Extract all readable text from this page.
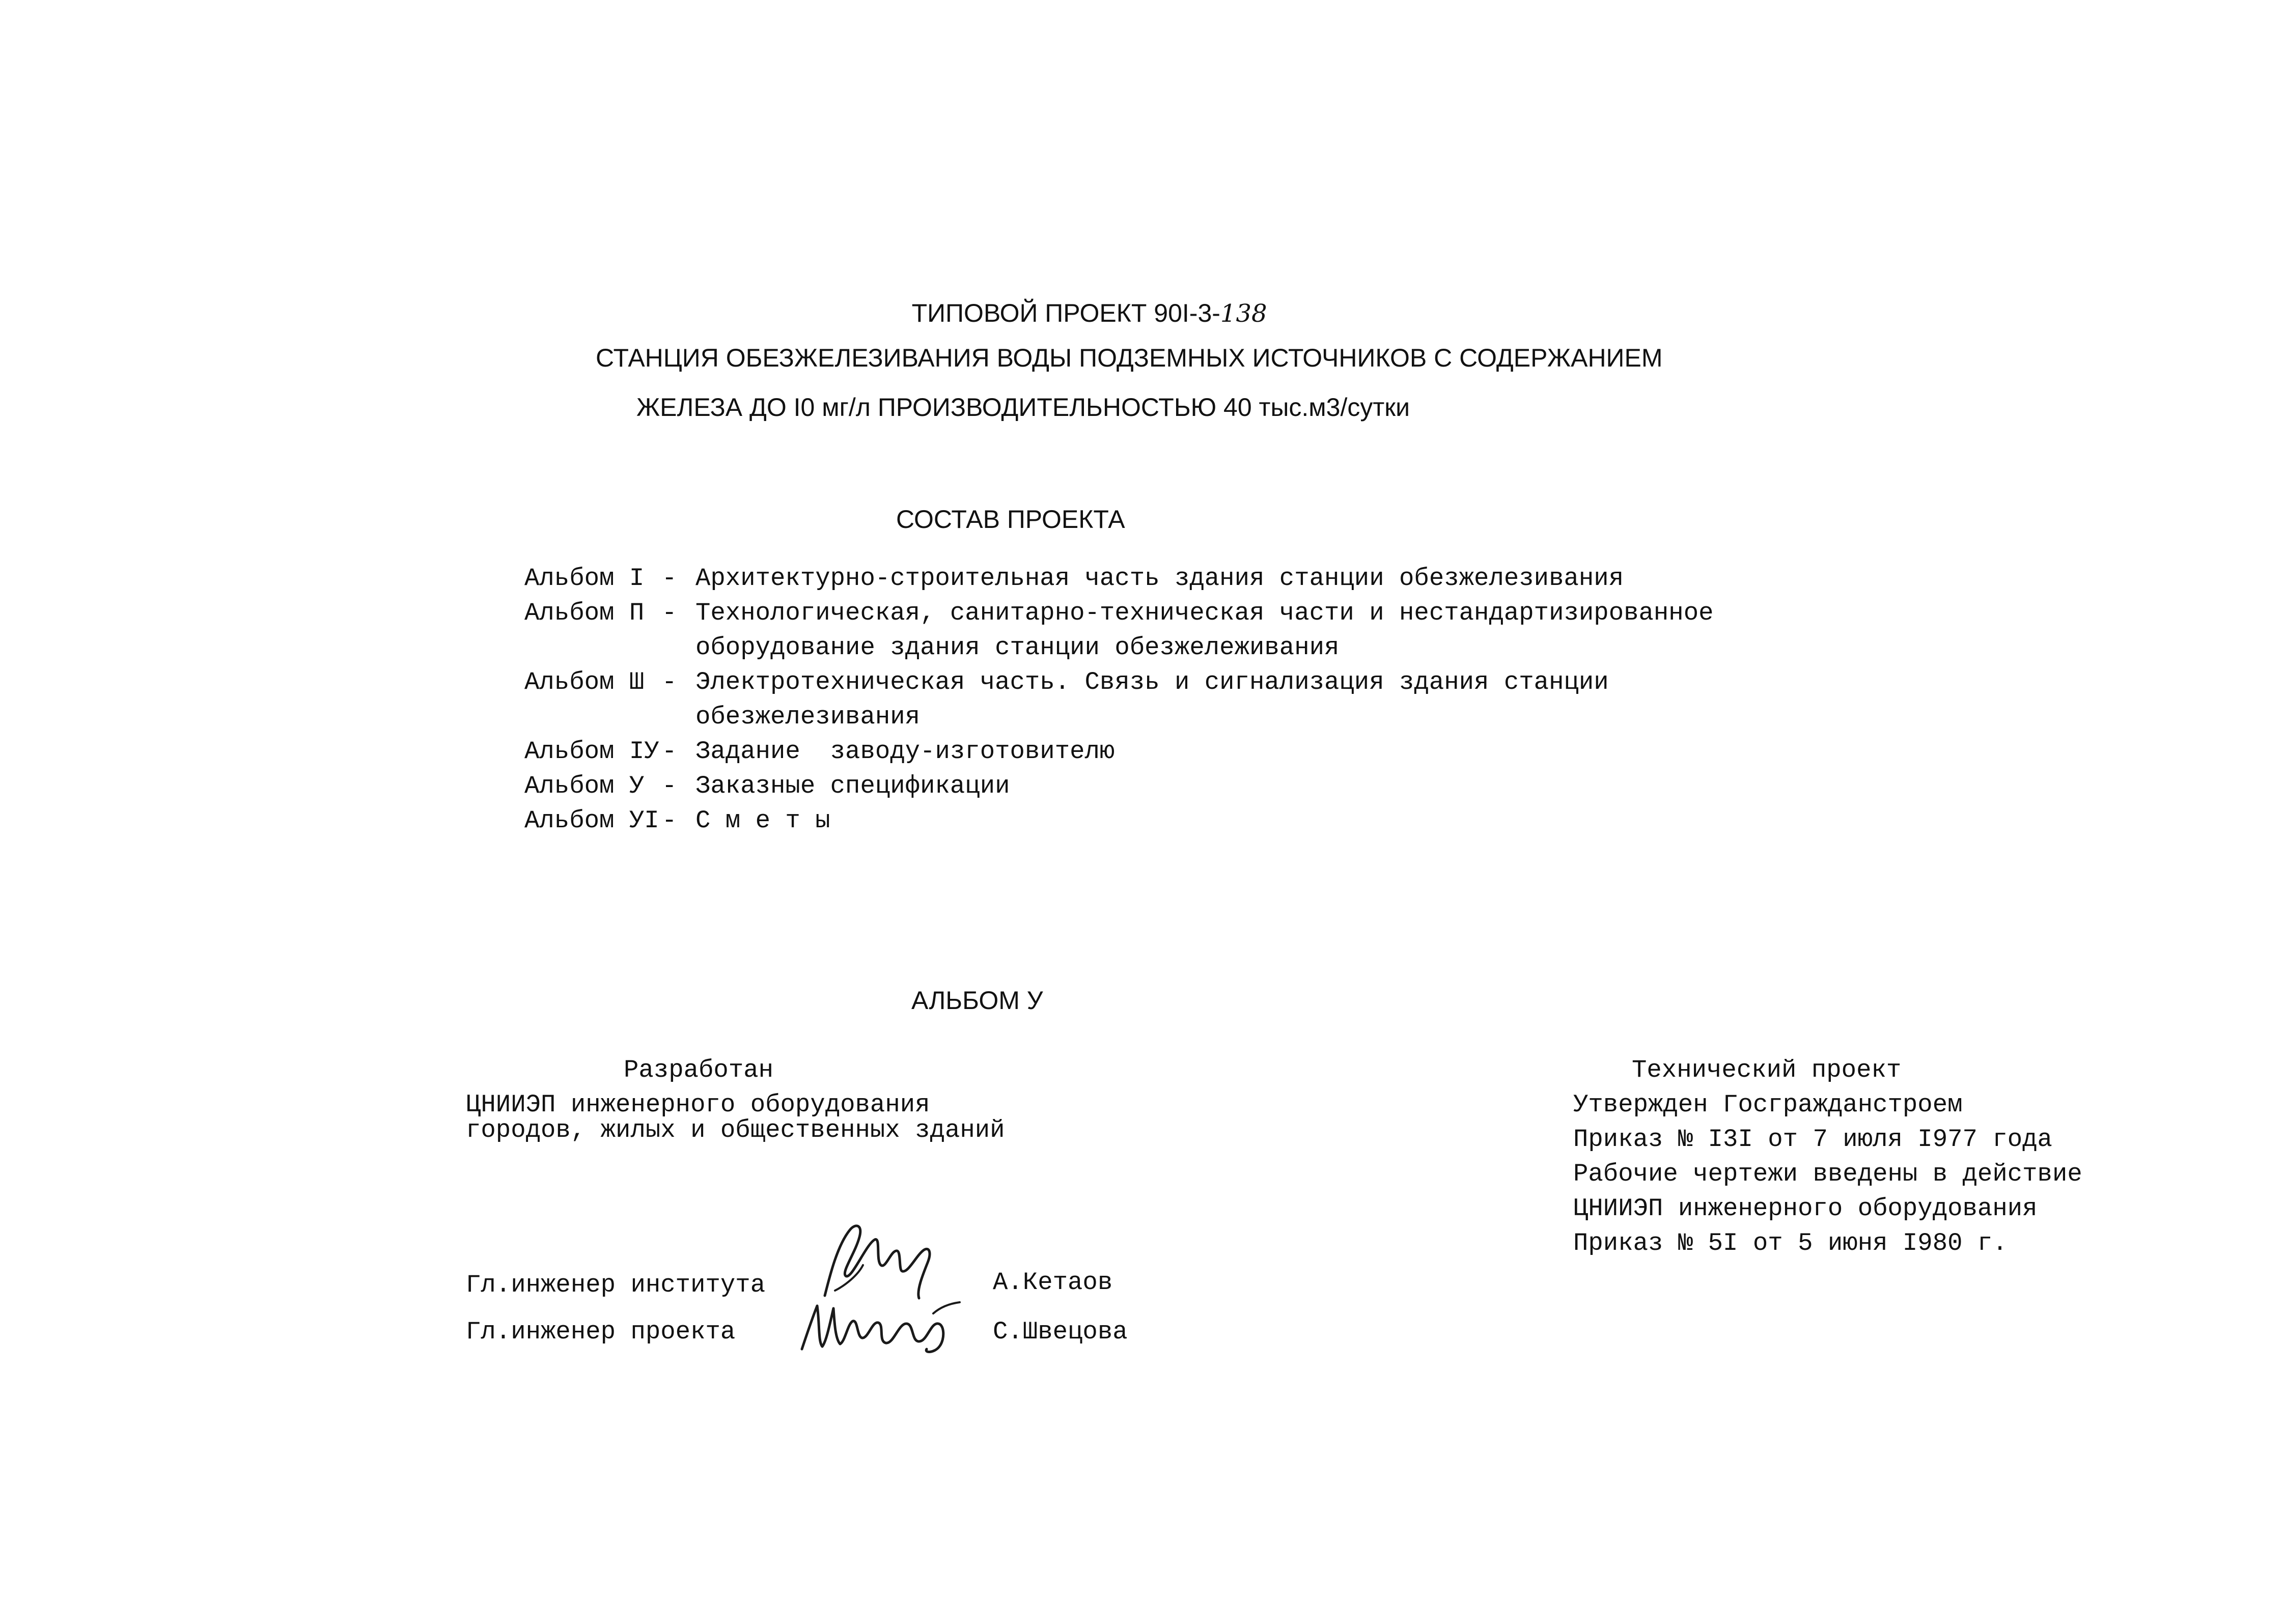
ТИПОВОЙ ПРОЕКТ 90I-3-138

СТАНЦИЯ ОБЕЗЖЕЛЕЗИВАНИЯ ВОДЫ ПОДЗЕМНЫХ ИСТОЧНИКОВ С СОДЕРЖАНИЕМ
ЖЕЛЕЗА ДО I0 мг/л ПРОИЗВОДИТЕЛЬНОСТЬЮ 40 тыс.м3/сутки
СОСТАВ ПРОЕКТА
Альбом I - Архитектурно-строительная часть здания станции обезжелезивания
Альбом П - Технологическая, санитарно-техническая части и нестандартизированное
оборудование здания станции обезжележивания
Альбом Ш - Электротехническая часть. Связь и сигнализация здания станции
обезжелезивания
Альбом IУ - Задание  заводу-изготовителю
Альбом У - Заказные спецификации
Альбом УI - С м е т ы
АЛЬБОМ У
Разработан
ЦНИИЭП инженерного оборудования
городов, жилых и общественных зданий
Технический проект
Утвержден Госгражданстроем
Приказ № I3I от 7 июля I977 года
Рабочие чертежи введены в действие
ЦНИИЭП инженерного оборудования
Приказ № 5I от 5 июня I980 г.
Гл.инженер института	А.Кетаов
Гл.инженер проекта	С.Швецова
